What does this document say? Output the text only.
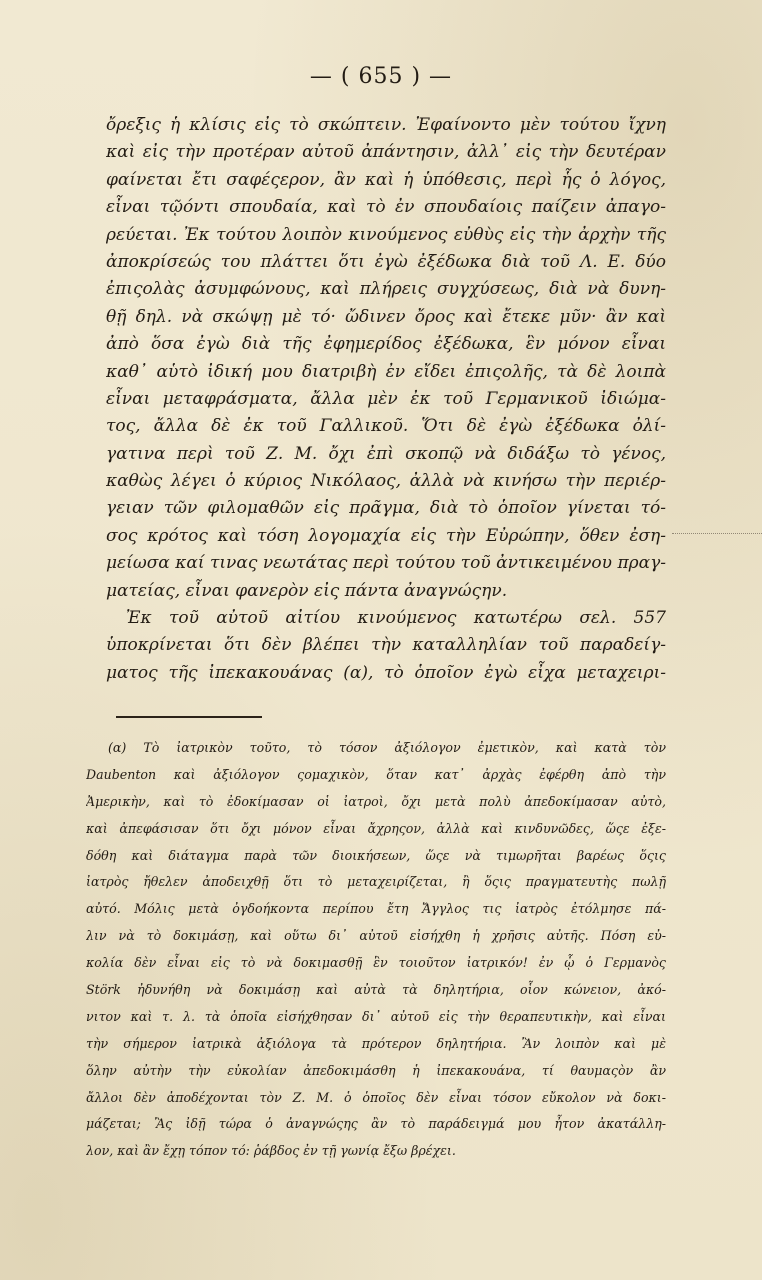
— ( 655 ) —
ὄρεξις ἡ κλίσις εἰς τὸ σκώπτειν. Ἐφαίνοντο μὲν τούτου ἴχνη
καὶ εἰς τὴν προτέραν αὐτοῦ ἀπάντησιν, ἀλλ᾿ εἰς τὴν δευτέραν
φαίνεται ἔτι σαφέςερον, ἂν καὶ ἡ ὑπόθεσις, περὶ ἧς ὁ λόγος,
εἶναι τῷόντι σπουδαία, καὶ τὸ ἐν σπουδαίοις παίζειν ἀπαγο-
ρεύεται. Ἐκ τούτου λοιπὸν κινούμενος εὐθὺς εἰς τὴν ἀρχὴν τῆς
ἀποκρίσεώς του πλάττει ὅτι ἐγὼ ἐξέδωκα διὰ τοῦ Λ. Ε. δύο
ἐπιςολὰς ἀσυμφώνους, καὶ πλήρεις συγχύσεως, διὰ νὰ δυνη-
θῇ δηλ. νὰ σκώψῃ μὲ τό· ὤδινεν ὄρος καὶ ἔτεκε μῦν· ἂν καὶ
ἀπὸ ὅσα ἐγὼ διὰ τῆς ἐφημερίδος ἐξέδωκα, ἓν μόνον εἶναι
καθ᾿ αὑτὸ ἰδική μου διατριβὴ ἐν εἴδει ἐπιςολῆς, τὰ δὲ λοιπὰ
εἶναι μεταφράσματα, ἄλλα μὲν ἐκ τοῦ Γερμανικοῦ ἰδιώμα-
τος, ἄλλα δὲ ἐκ τοῦ Γαλλικοῦ. Ὅτι δὲ ἐγὼ ἐξέδωκα ὀλί-
γατινα περὶ τοῦ Ζ. Μ. ὄχι ἐπὶ σκοπῷ νὰ διδάξω τὸ γένος,
καθὼς λέγει ὁ κύριος Νικόλαος, ἀλλὰ νὰ κινήσω τὴν περιέρ-
γειαν τῶν φιλομαθῶν εἰς πρᾶγμα, διὰ τὸ ὁποῖον γίνεται τό-
σος κρότος καὶ τόση λογομαχία εἰς τὴν Εὐρώπην, ὅθεν ἐση-
μείωσα καί τινας νεωτάτας περὶ τούτου τοῦ ἀντικειμένου πραγ-
ματείας, εἶναι φανερὸν εἰς πάντα ἀναγνώςην.
Ἐκ τοῦ αὐτοῦ αἰτίου κινούμενος κατωτέρω σελ. 557
ὑποκρίνεται ὅτι δὲν βλέπει τὴν καταλληλίαν τοῦ παραδείγ-
ματος τῆς ἰπεκακουάνας (α), τὸ ὁποῖον ἐγὼ εἶχα μεταχειρι-
(α) Τὸ ἰατρικὸν τοῦτο, τὸ τόσον ἀξιόλογον ἐμετικὸν, καὶ κατὰ τὸν
Daubenton καὶ ἀξιόλογον ςομαχικὸν, ὅταν κατ᾿ ἀρχὰς ἐφέρθη ἀπὸ τὴν
Ἀμερικὴν, καὶ τὸ ἐδοκίμασαν οἱ ἰατροὶ, ὄχι μετὰ πολὺ ἀπεδοκίμασαν αὐτὸ,
καὶ ἀπεφάσισαν ὅτι ὄχι μόνον εἶναι ἄχρηςον, ἀλλὰ καὶ κινδυνῶδες, ὥςε ἐξε-
δόθη καὶ διάταγμα παρὰ τῶν διοικήσεων, ὥςε νὰ τιμωρῆται βαρέως ὅςις
ἰατρὸς ἤθελεν ἀποδειχθῇ ὅτι τὸ μεταχειρίζεται, ἢ ὅςις πραγματευτὴς πωλῇ
αὐτό. Μόλις μετὰ ὀγδοήκοντα περίπου ἔτη Ἄγγλος τις ἰατρὸς ἐτόλμησε πά-
λιν νὰ τὸ δοκιμάσῃ, καὶ οὕτω δι᾿ αὐτοῦ εἰσήχθη ἡ χρῆσις αὐτῆς. Πόση εὐ-
κολία δὲν εἶναι εἰς τὸ νὰ δοκιμασθῇ ἓν τοιοῦτον ἰατρικόν! ἐν ᾧ ὁ Γερμανὸς
Störk ἠδυνήθη νὰ δοκιμάσῃ καὶ αὐτὰ τὰ δηλητήρια, οἷον κώνειον, ἀκό-
νιτον καὶ τ. λ. τὰ ὁποῖα εἰσήχθησαν δι᾿ αὐτοῦ εἰς τὴν θεραπευτικὴν, καὶ εἶναι
τὴν σήμερον ἰατρικὰ ἀξιόλογα τὰ πρότερον δηλητήρια. Ἂν λοιπὸν καὶ μὲ
ὅλην αὐτὴν τὴν εὐκολίαν ἀπεδοκιμάσθη ἡ ἰπεκακουάνα, τί θαυμαςὸν ἂν
ἄλλοι δὲν ἀποδέχονται τὸν Ζ. Μ. ὁ ὁποῖος δὲν εἶναι τόσον εὔκολον νὰ δοκι-
μάζεται; Ἂς ἰδῇ τώρα ὁ ἀναγνώςης ἂν τὸ παράδειγμά μου ἦτον ἀκατάλλη-
λον, καὶ ἂν ἔχῃ τόπον τό: ῥάβδος ἐν τῇ γωνίᾳ ἔξω βρέχει.
